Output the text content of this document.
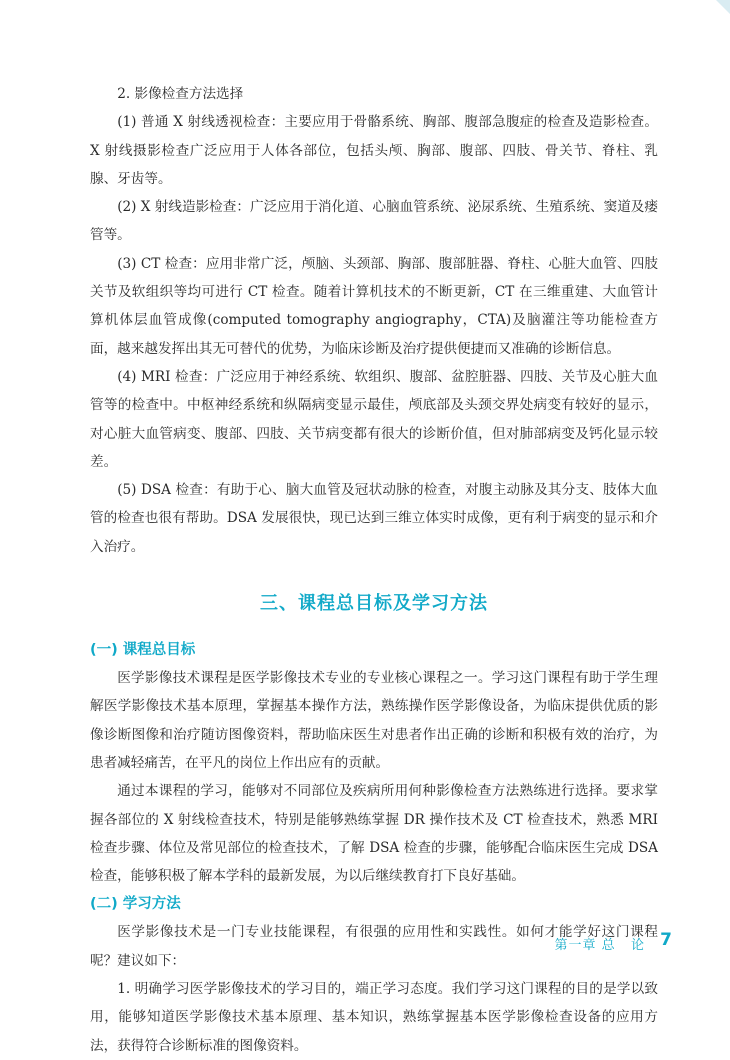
2. 影像检查方法选择

(1) 普通 X 射线透视检查：主要应用于骨骼系统、胸部、腹部急腹症的检查及造影检查。X 射线摄影检查广泛应用于人体各部位，包括头颅、胸部、腹部、四肢、骨关节、脊柱、乳腺、牙齿等。

(2) X 射线造影检查：广泛应用于消化道、心脑血管系统、泌尿系统、生殖系统、窦道及瘘管等。

(3) CT 检查：应用非常广泛，颅脑、头颈部、胸部、腹部脏器、脊柱、心脏大血管、四肢关节及软组织等均可进行 CT 检查。随着计算机技术的不断更新，CT 在三维重建、大血管计算机体层血管成像(computed tomography angiography，CTA)及脑灌注等功能检查方面，越来越发挥出其无可替代的优势，为临床诊断及治疗提供便捷而又准确的诊断信息。

(4) MRI 检查：广泛应用于神经系统、软组织、腹部、盆腔脏器、四肢、关节及心脏大血管等的检查中。中枢神经系统和纵隔病变显示最佳，颅底部及头颈交界处病变有较好的显示，对心脏大血管病变、腹部、四肢、关节病变都有很大的诊断价值，但对肺部病变及钙化显示较差。

(5) DSA 检查：有助于心、脑大血管及冠状动脉的检查，对腹主动脉及其分支、肢体大血管的检查也很有帮助。DSA 发展很快，现已达到三维立体实时成像，更有利于病变的显示和介入治疗。

三、课程总目标及学习方法

(一) 课程总目标

医学影像技术课程是医学影像技术专业的专业核心课程之一。学习这门课程有助于学生理解医学影像技术基本原理，掌握基本操作方法，熟练操作医学影像设备，为临床提供优质的影像诊断图像和治疗随访图像资料，帮助临床医生对患者作出正确的诊断和积极有效的治疗，为患者减轻痛苦，在平凡的岗位上作出应有的贡献。

通过本课程的学习，能够对不同部位及疾病所用何种影像检查方法熟练进行选择。要求掌握各部位的 X 射线检查技术，特别是能够熟练掌握 DR 操作技术及 CT 检查技术，熟悉 MRI 检查步骤、体位及常见部位的检查技术，了解 DSA 检查的步骤，能够配合临床医生完成 DSA 检查，能够积极了解本学科的最新发展，为以后继续教育打下良好基础。

(二) 学习方法

医学影像技术是一门专业技能课程，有很强的应用性和实践性。如何才能学好这门课程呢？建议如下：

1. 明确学习医学影像技术的学习目的，端正学习态度。我们学习这门课程的目的是学以致用，能够知道医学影像技术基本原理、基本知识，熟练掌握基本医学影像检查设备的应用方法，获得符合诊断标准的图像资料。

第一章 总   论 7
